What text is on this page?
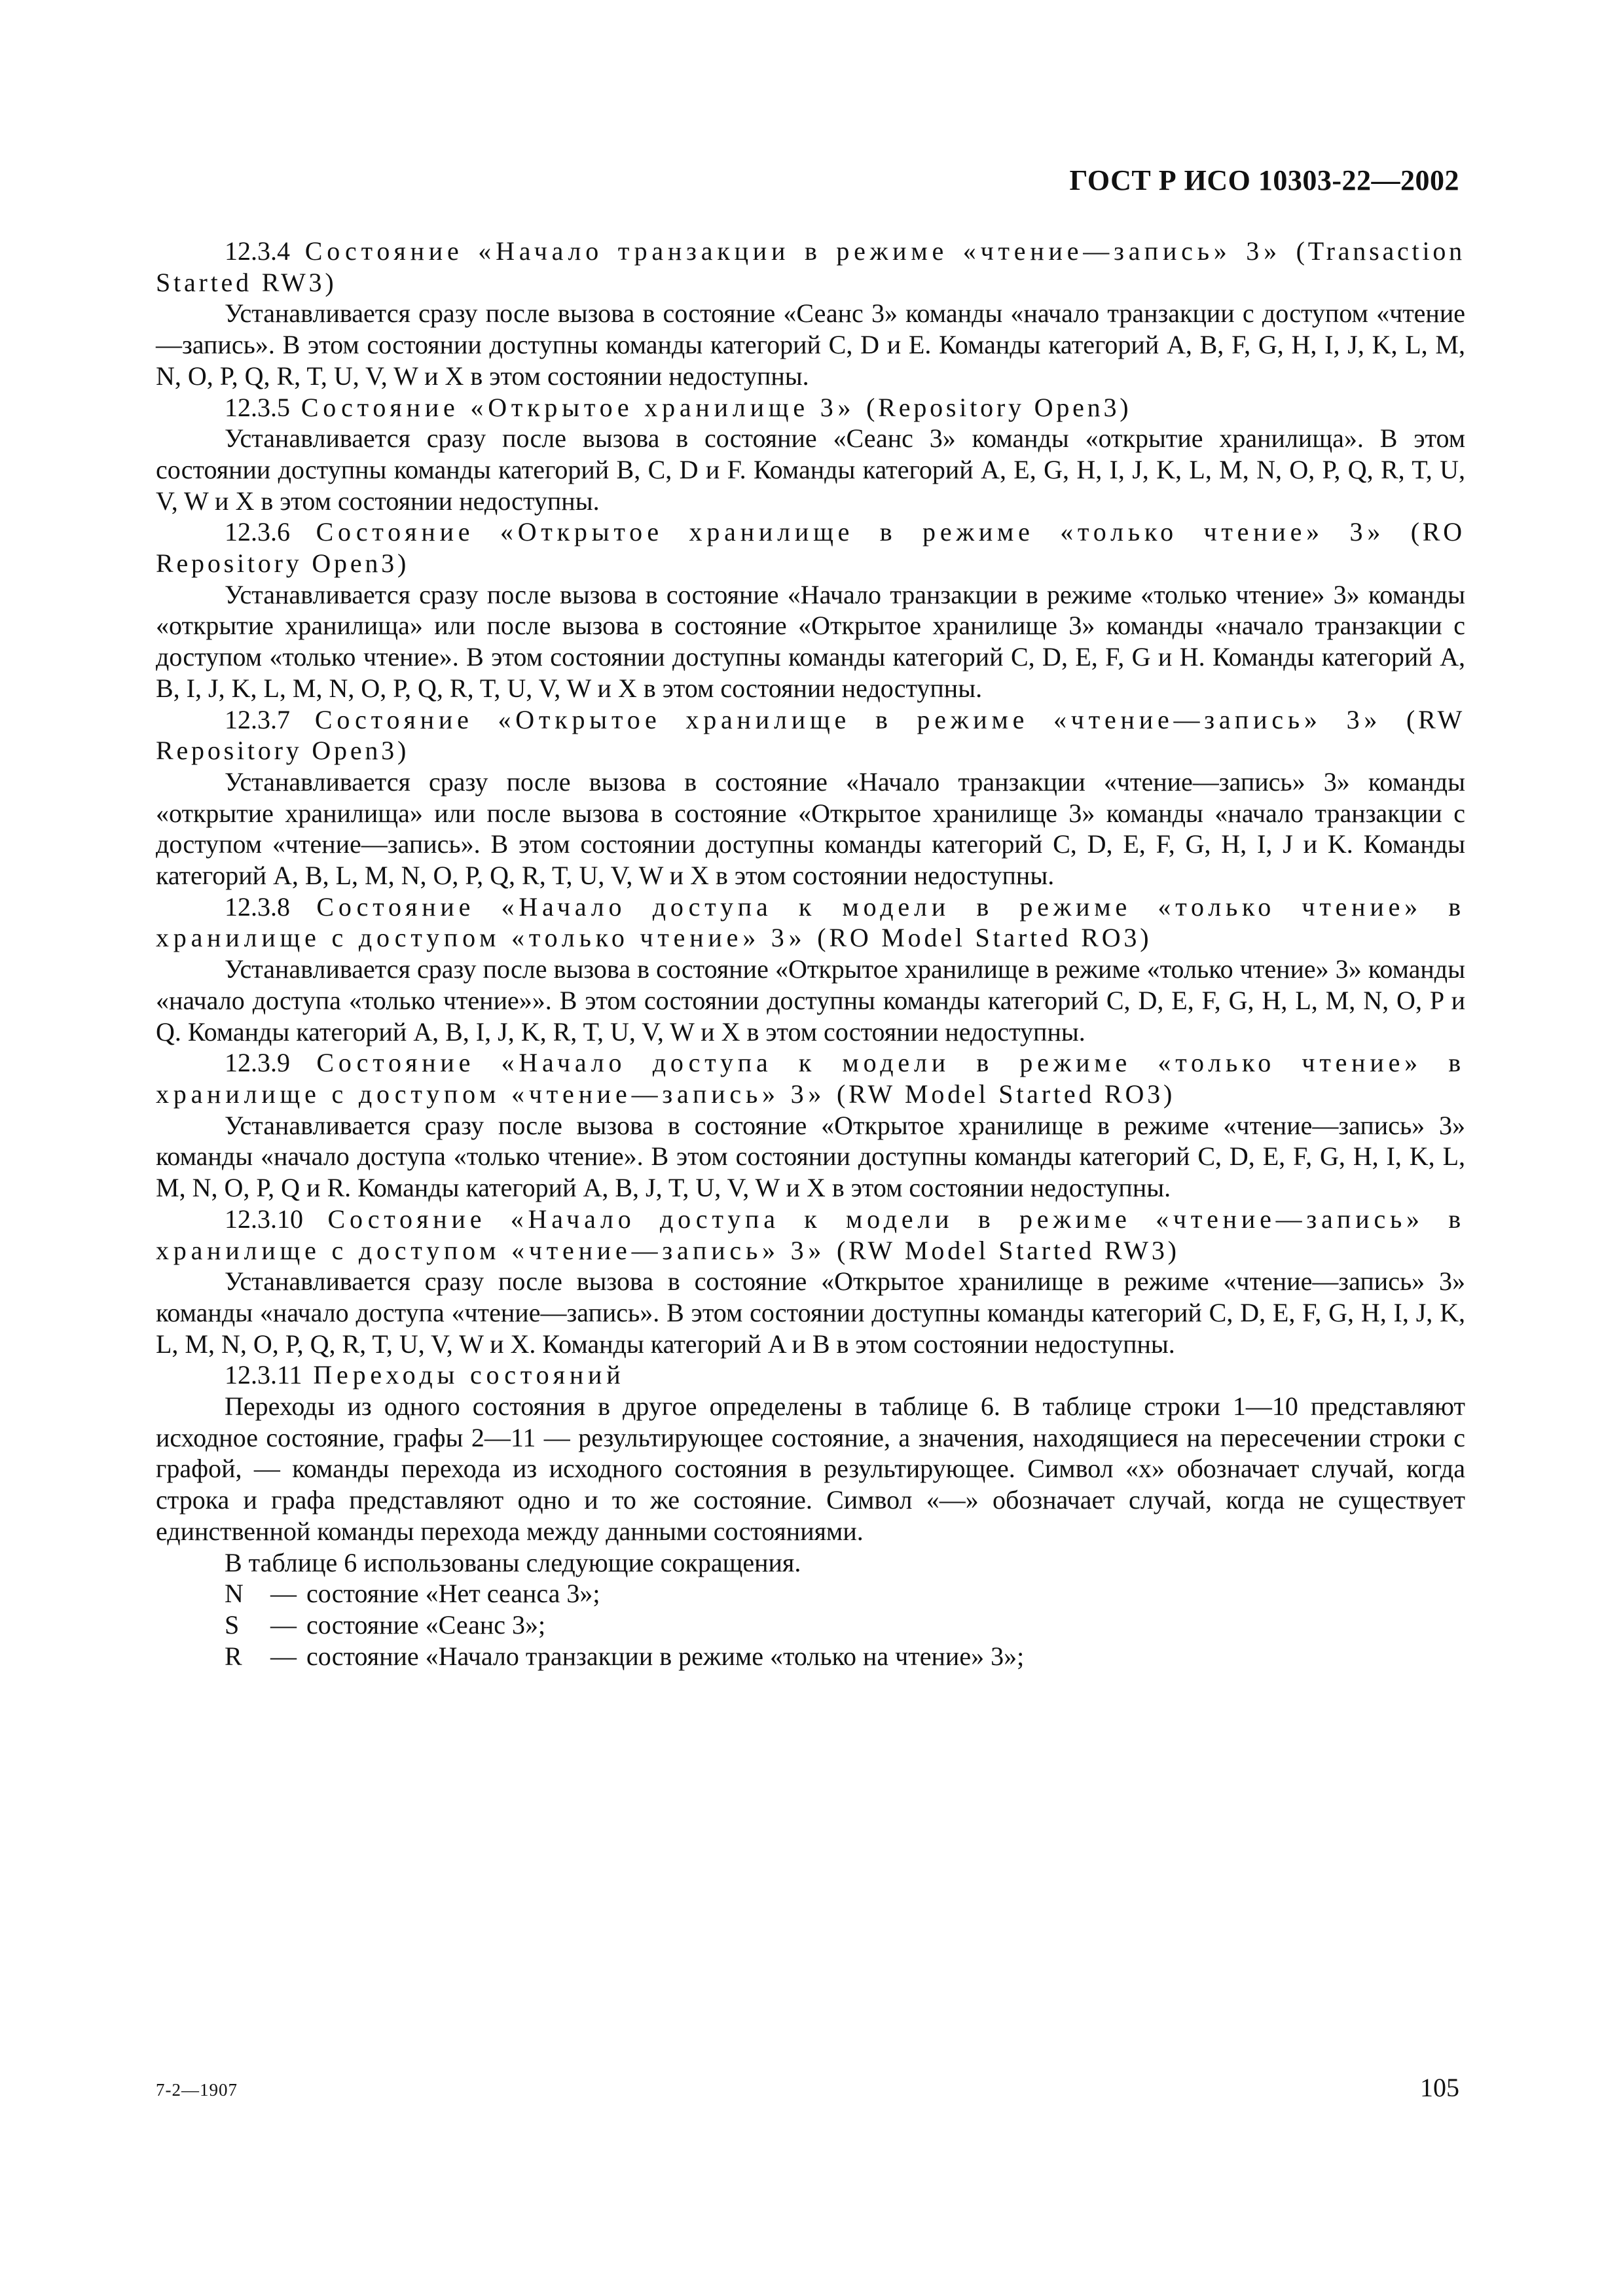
ГОСТ Р ИСО 10303-22—2002

12.3.4 Состояние «Начало транзакции в режиме «чтение—запись» 3» (Transaction Started RW3)

Устанавливается сразу после вызова в состояние «Сеанс 3» команды «начало транзакции с доступом «чтение—запись». В этом состоянии доступны команды категорий C, D и E. Команды категорий A, B, F, G, H, I, J, K, L, M, N, O, P, Q, R, T, U, V, W и X в этом состоянии недоступны.

12.3.5 Состояние «Открытое хранилище 3» (Repository Open3)

Устанавливается сразу после вызова в состояние «Сеанс 3» команды «открытие хранилища». В этом состоянии доступны команды категорий B, C, D и F. Команды категорий A, E, G, H, I, J, K, L, M, N, O, P, Q, R, T, U, V, W и X в этом состоянии недоступны.

12.3.6 Состояние «Открытое хранилище в режиме «только чтение» 3» (RO Repository Open3)

Устанавливается сразу после вызова в состояние «Начало транзакции в режиме «только чтение» 3» команды «открытие хранилища» или после вызова в состояние «Открытое хранилище 3» команды «начало транзакции с доступом «только чтение». В этом состоянии доступны команды категорий C, D, E, F, G и H. Команды категорий A, B, I, J, K, L, M, N, O, P, Q, R, T, U, V, W и X в этом состоянии недоступны.

12.3.7 Состояние «Открытое хранилище в режиме «чтение—запись» 3» (RW Repository Open3)

Устанавливается сразу после вызова в состояние «Начало транзакции «чтение—запись» 3» команды «открытие хранилища» или после вызова в состояние «Открытое хранилище 3» команды «начало транзакции с доступом «чтение—запись». В этом состоянии доступны команды категорий C, D, E, F, G, H, I, J и K. Команды категорий A, B, L, M, N, O, P, Q, R, T, U, V, W и X в этом состоянии недоступны.

12.3.8 Состояние «Начало доступа к модели в режиме «только чтение» в хранилище с доступом «только чтение» 3» (RO Model Started RO3)

Устанавливается сразу после вызова в состояние «Открытое хранилище в режиме «только чтение» 3» команды «начало доступа «только чтение»». В этом состоянии доступны команды категорий C, D, E, F, G, H, L, M, N, O, P и Q. Команды категорий A, B, I, J, K, R, T, U, V, W и X в этом состоянии недоступны.

12.3.9 Состояние «Начало доступа к модели в режиме «только чтение» в хранилище с доступом «чтение—запись» 3» (RW Model Started RO3)

Устанавливается сразу после вызова в состояние «Открытое хранилище в режиме «чтение—запись» 3» команды «начало доступа «только чтение». В этом состоянии доступны команды категорий C, D, E, F, G, H, I, K, L, M, N, O, P, Q и R. Команды категорий A, B, J, T, U, V, W и X в этом состоянии недоступны.

12.3.10 Состояние «Начало доступа к модели в режиме «чтение—запись» в хранилище с доступом «чтение—запись» 3» (RW Model Started RW3)

Устанавливается сразу после вызова в состояние «Открытое хранилище в режиме «чтение—запись» 3» команды «начало доступа «чтение—запись». В этом состоянии доступны команды категорий C, D, E, F, G, H, I, J, K, L, M, N, O, P, Q, R, T, U, V, W и X. Команды категорий A и B в этом состоянии недоступны.

12.3.11 Переходы состояний

Переходы из одного состояния в другое определены в таблице 6. В таблице строки 1—10 представляют исходное состояние, графы 2—11 — результирующее состояние, а значения, находящиеся на пересечении строки с графой, — команды перехода из исходного состояния в результирующее. Символ «x» обозначает случай, когда строка и графа представляют одно и то же состояние. Символ «—» обозначает случай, когда не существует единственной команды перехода между данными состояниями.

В таблице 6 использованы следующие сокращения.

N	— состояние «Нет сеанса 3»;
S	— состояние «Сеанс 3»;
R	— состояние «Начало транзакции в режиме «только на чтение» 3»;
7-2—1907	105
